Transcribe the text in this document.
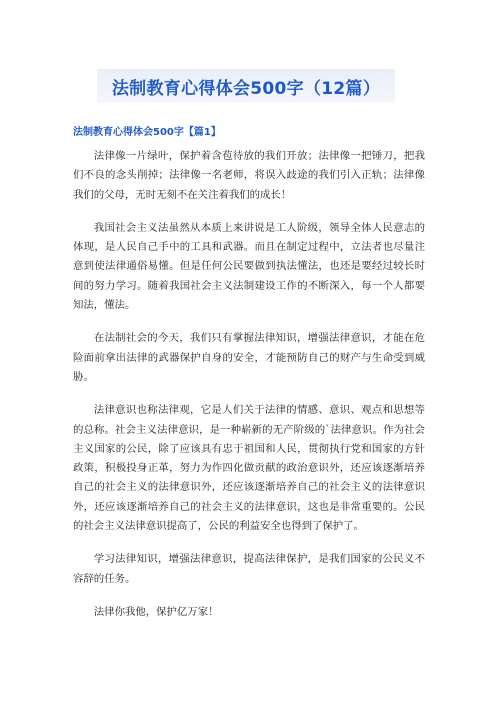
法制教育心得体会500字（12篇）
法制教育心得体会500字【篇1】

法律像一片绿叶，保护着含苞待放的我们开放；法律像一把锤刀，把我们不良的念头削掉；法律像一名老师，将误入歧途的我们引入正轨；法律像我们的父母，无时无刻不在关注着我们的成长！

我国社会主义法虽然从本质上来讲说是工人阶级，领导全体人民意志的体现，是人民自己手中的工具和武器。而且在制定过程中，立法者也尽量注意到使法律通俗易懂。但是任何公民要做到执法懂法，也还是要经过较长时间的努力学习。随着我国社会主义法制建设工作的不断深入，每一个人都要知法，懂法。

在法制社会的今天，我们只有掌握法律知识，增强法律意识，才能在危险面前拿出法律的武器保护自身的安全，才能预防自己的财产与生命受到威胁。

法律意识也称法律观，它是人们关于法律的情感、意识、观点和思想等的总称。社会主义法律意识，是一种崭新的无产阶级的`法律意识。作为社会主义国家的公民，除了应该具有忠于祖国和人民，贯彻执行党和国家的方针政策，积极投身正革，努力为作四化做贡献的政治意识外，还应该逐渐培养自己的社会主义的法律意识外，还应该逐渐培养自己的社会主义的法律意识外，还应该逐渐培养自己的社会主义的法律意识，这也是非常重要的。公民的社会主义法律意识提高了，公民的利益安全也得到了保护了。

学习法律知识，增强法律意识，提高法律保护，是我们国家的公民义不容辞的任务。

法律你我他，保护亿万家！
